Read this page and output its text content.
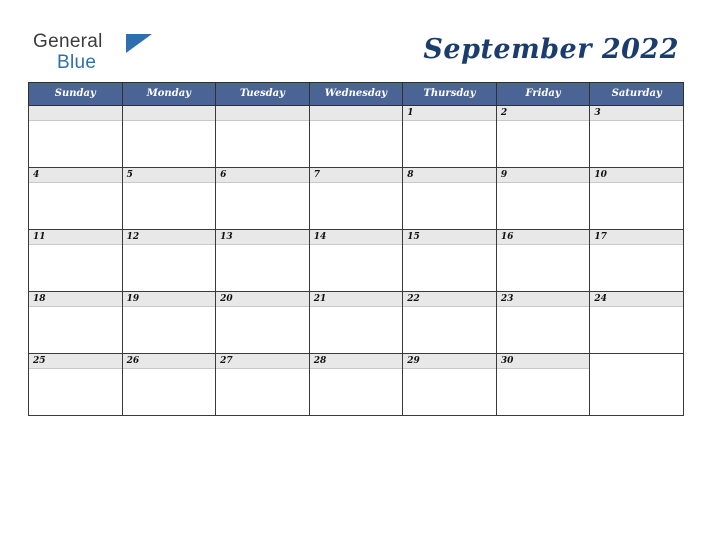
General
Blue	September 2022
Sunday	Monday	Tuesday	Wednesday	Thursday	Friday	Saturday

				1	2	3

4	5	6	7	8	9	10

11	12	13	14	15	16	17

18	19	20	21	22	23	24

25	26	27	28	29	30	
